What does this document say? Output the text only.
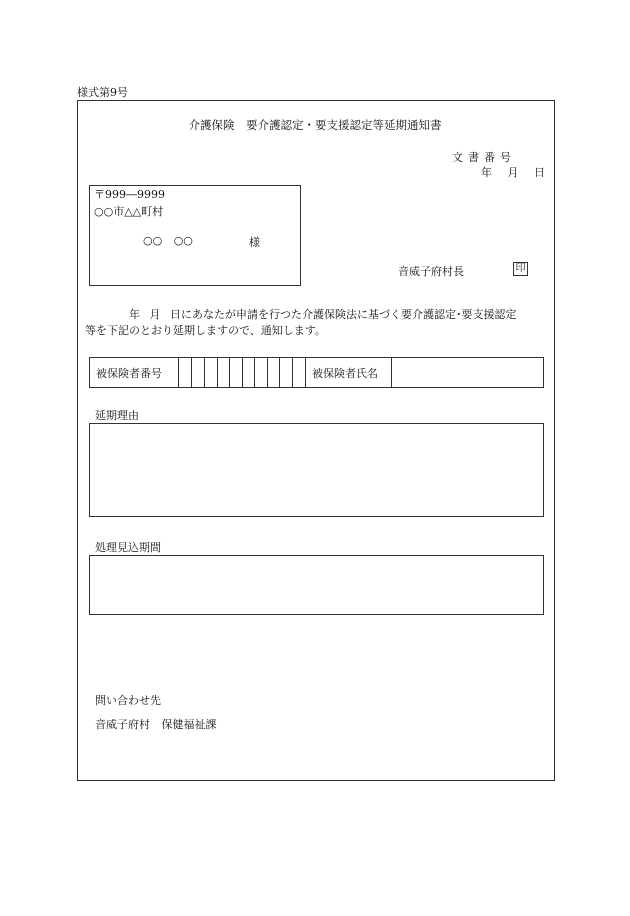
様式第9号
介護保険　要介護認定・要支援認定等延期通知書
文書番号
年 月 日
〒999―9999
○○市△△町村
○○ ○○	様
音威子府村長	印
年 月 日にあなたが申請を行つた介護保険法に基づく要介護認定･要支援認定
等を下記のとおり延期しますので、通知します。
被保険者番号	被保険者氏名
延期理由
処理見込期間
問い合わせ先
音威子府村 保健福祉課
